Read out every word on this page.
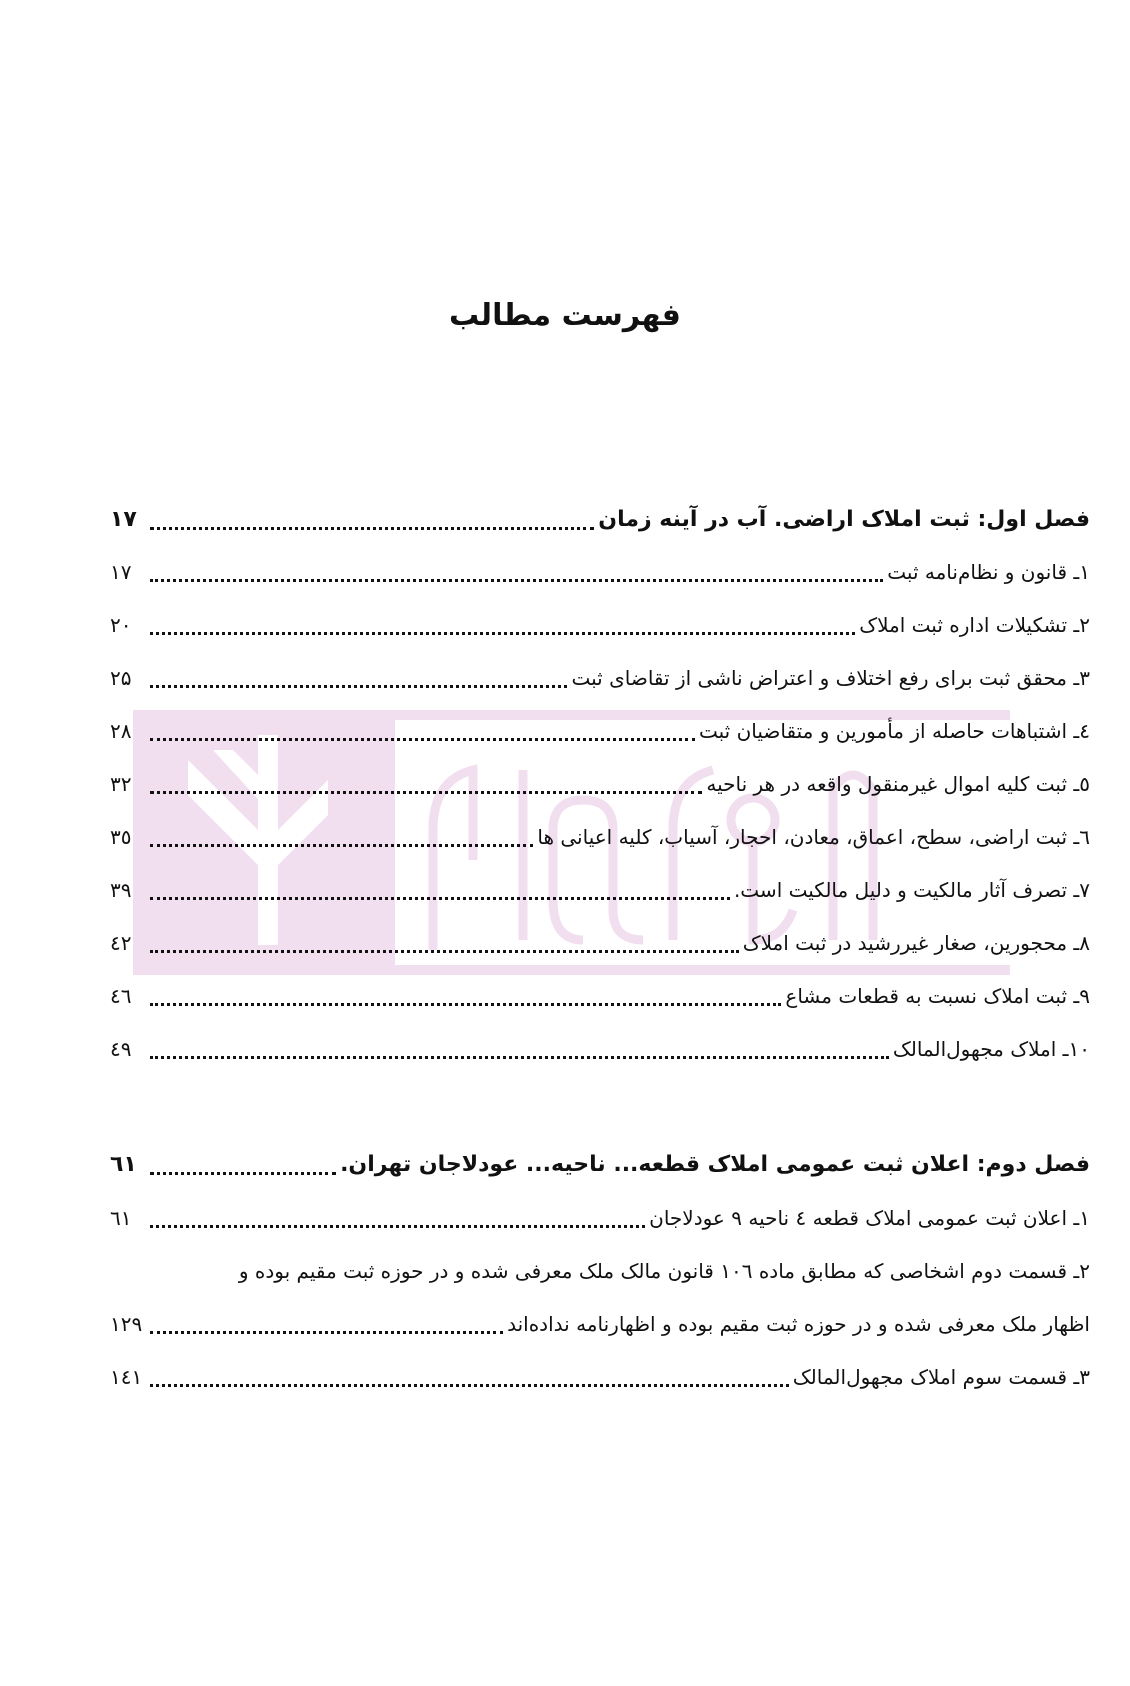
فهرست مطالب
فصل اول: ثبت املاک اراضی. آب در آینه زمان
۱۷
۱ـ قانون و نظام‌نامه ثبت
۱۷
۲ـ تشکیلات اداره ثبت املاک
۲۰
۳ـ محقق ثبت برای رفع اختلاف و اعتراض ناشی از تقاضای ثبت
۲۵
٤ـ اشتباهات حاصله از مأمورین و متقاضیان ثبت
۲۸
٥ـ ثبت کلیه اموال غیرمنقول واقعه در هر ناحیه
۳۲
٦ـ ثبت اراضی، سطح، اعماق، معادن، احجار، آسیاب، کلیه اعیانی ها
۳٥
۷ـ تصرف آثار مالکیت و دلیل مالکیت است.
۳۹
۸ـ محجورین، صغار غیررشید در ثبت املاک
٤۲
۹ـ ثبت املاک نسبت به قطعات مشاع
٤٦
۱۰ـ املاک مجهول‌المالک
٤۹
فصل دوم: اعلان ثبت عمومی املاک قطعه... ناحیه... عودلاجان تهران.
٦۱
۱ـ اعلان ثبت عمومی املاک قطعه ٤ ناحیه ۹ عودلاجان
٦۱
۲ـ قسمت دوم اشخاصی که مطابق ماده ۱۰٦ قانون مالک ملک معرفی شده و در حوزه ثبت مقیم بوده و
اظهار ملک معرفی شده و در حوزه ثبت مقیم بوده و اظهارنامه نداده‌اند
۱۲۹
۳ـ قسمت سوم املاک مجهول‌المالک
۱٤۱
